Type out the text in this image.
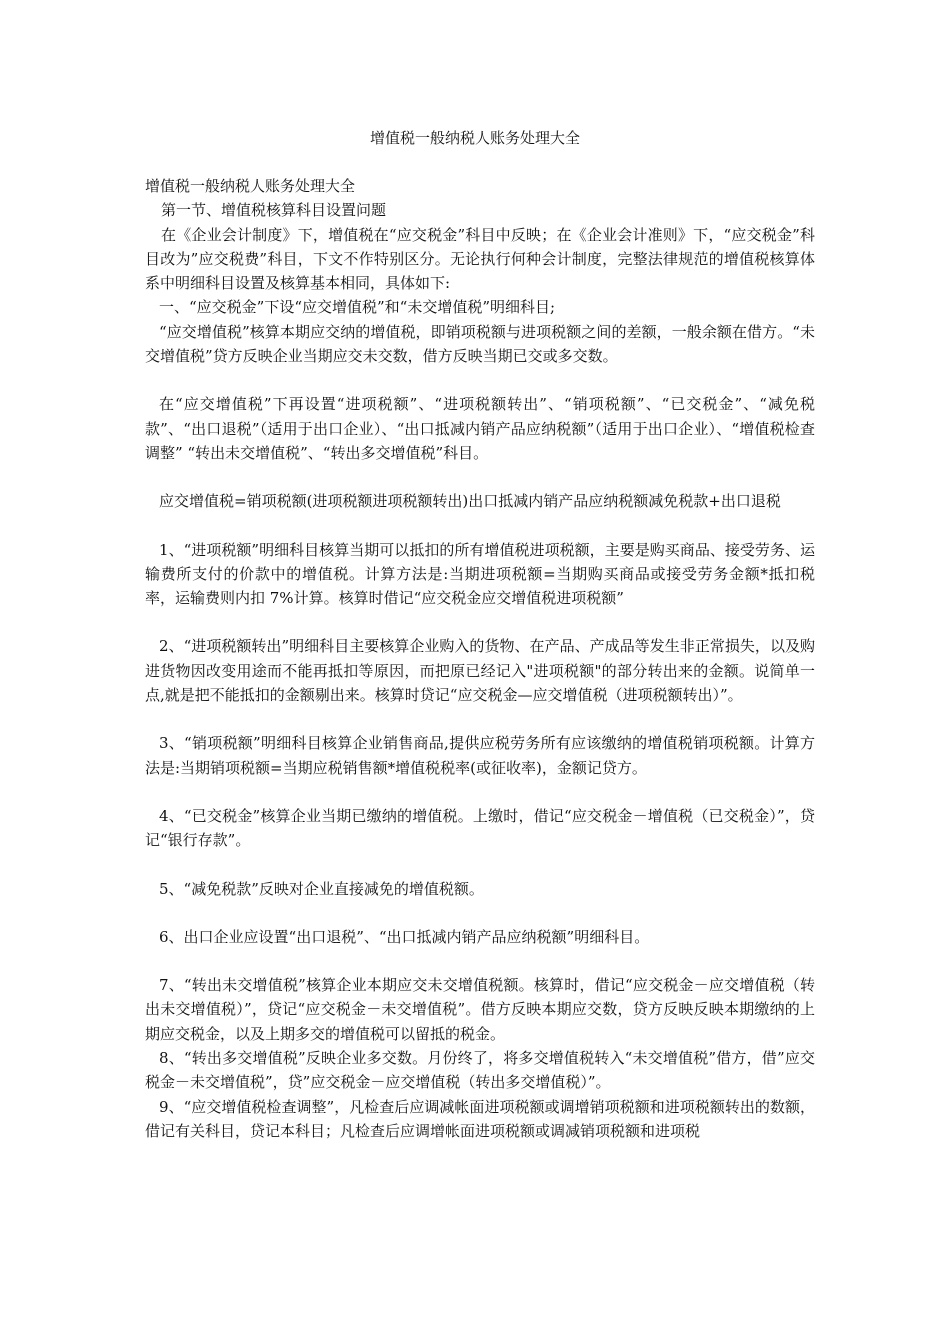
增值税一般纳税人账务处理大全

增值税一般纳税人账务处理大全

第一节、增值税核算科目设置问题

在《企业会计制度》下，增值税在“应交税金”科目中反映；在《企业会计准则》下，“应交税金”科目改为”应交税费”科目，下文不作特别区分。无论执行何种会计制度，完整法律规范的增值税核算体系中明细科目设置及核算基本相同，具体如下:

一、“应交税金”下设“应交增值税”和“未交增值税”明细科目;

“应交增值税”核算本期应交纳的增值税，即销项税额与进项税额之间的差额，一般余额在借方。“未交增值税”贷方反映企业当期应交未交数，借方反映当期已交或多交数。

在“应交增值税”下再设置“进项税额”、“进项税额转出”、“销项税额”、“已交税金”、“减免税款”、“出口退税”（适用于出口企业）、“出口抵减内销产品应纳税额”（适用于出口企业）、“增值税检查调整” “转出未交增值税”、“转出多交增值税”科目。

应交增值税=销项税额(进项税额进项税额转出)出口抵减内销产品应纳税额减免税款+出口退税

1、“进项税额”明细科目核算当期可以抵扣的所有增值税进项税额，主要是购买商品、接受劳务、运输费所支付的价款中的增值税。计算方法是:当期进项税额=当期购买商品或接受劳务金额*抵扣税率，运输费则内扣 7%计算。核算时借记“应交税金应交增值税进项税额”

2、“进项税额转出”明细科目主要核算企业购入的货物、在产品、产成品等发生非正常损失，以及购进货物因改变用途而不能再抵扣等原因，而把原已经记入"进项税额"的部分转出来的金额。说简单一点,就是把不能抵扣的金额剔出来。核算时贷记“应交税金—应交增值税（进项税额转出）”。

3、“销项税额”明细科目核算企业销售商品,提供应税劳务所有应该缴纳的增值税销项税额。计算方法是:当期销项税额=当期应税销售额*增值税税率(或征收率)，金额记贷方。

4、“已交税金”核算企业当期已缴纳的增值税。上缴时，借记“应交税金－增值税（已交税金）”，贷记“银行存款”。

5、“减免税款”反映对企业直接减免的增值税额。

6、出口企业应设置“出口退税”、“出口抵减内销产品应纳税额”明细科目。

7、“转出未交增值税”核算企业本期应交未交增值税额。核算时，借记“应交税金－应交增值税（转出未交增值税）”，贷记“应交税金－未交增值税”。借方反映本期应交数，贷方反映反映本期缴纳的上期应交税金，以及上期多交的增值税可以留抵的税金。

8、“转出多交增值税”反映企业多交数。月份终了，将多交增值税转入“未交增值税”借方，借”应交税金－未交增值税”，贷”应交税金－应交增值税（转出多交增值税）”。

9、“应交增值税检查调整”，凡检查后应调减帐面进项税额或调增销项税额和进项税额转出的数额，借记有关科目，贷记本科目；凡检查后应调增帐面进项税额或调减销项税额和进项税
